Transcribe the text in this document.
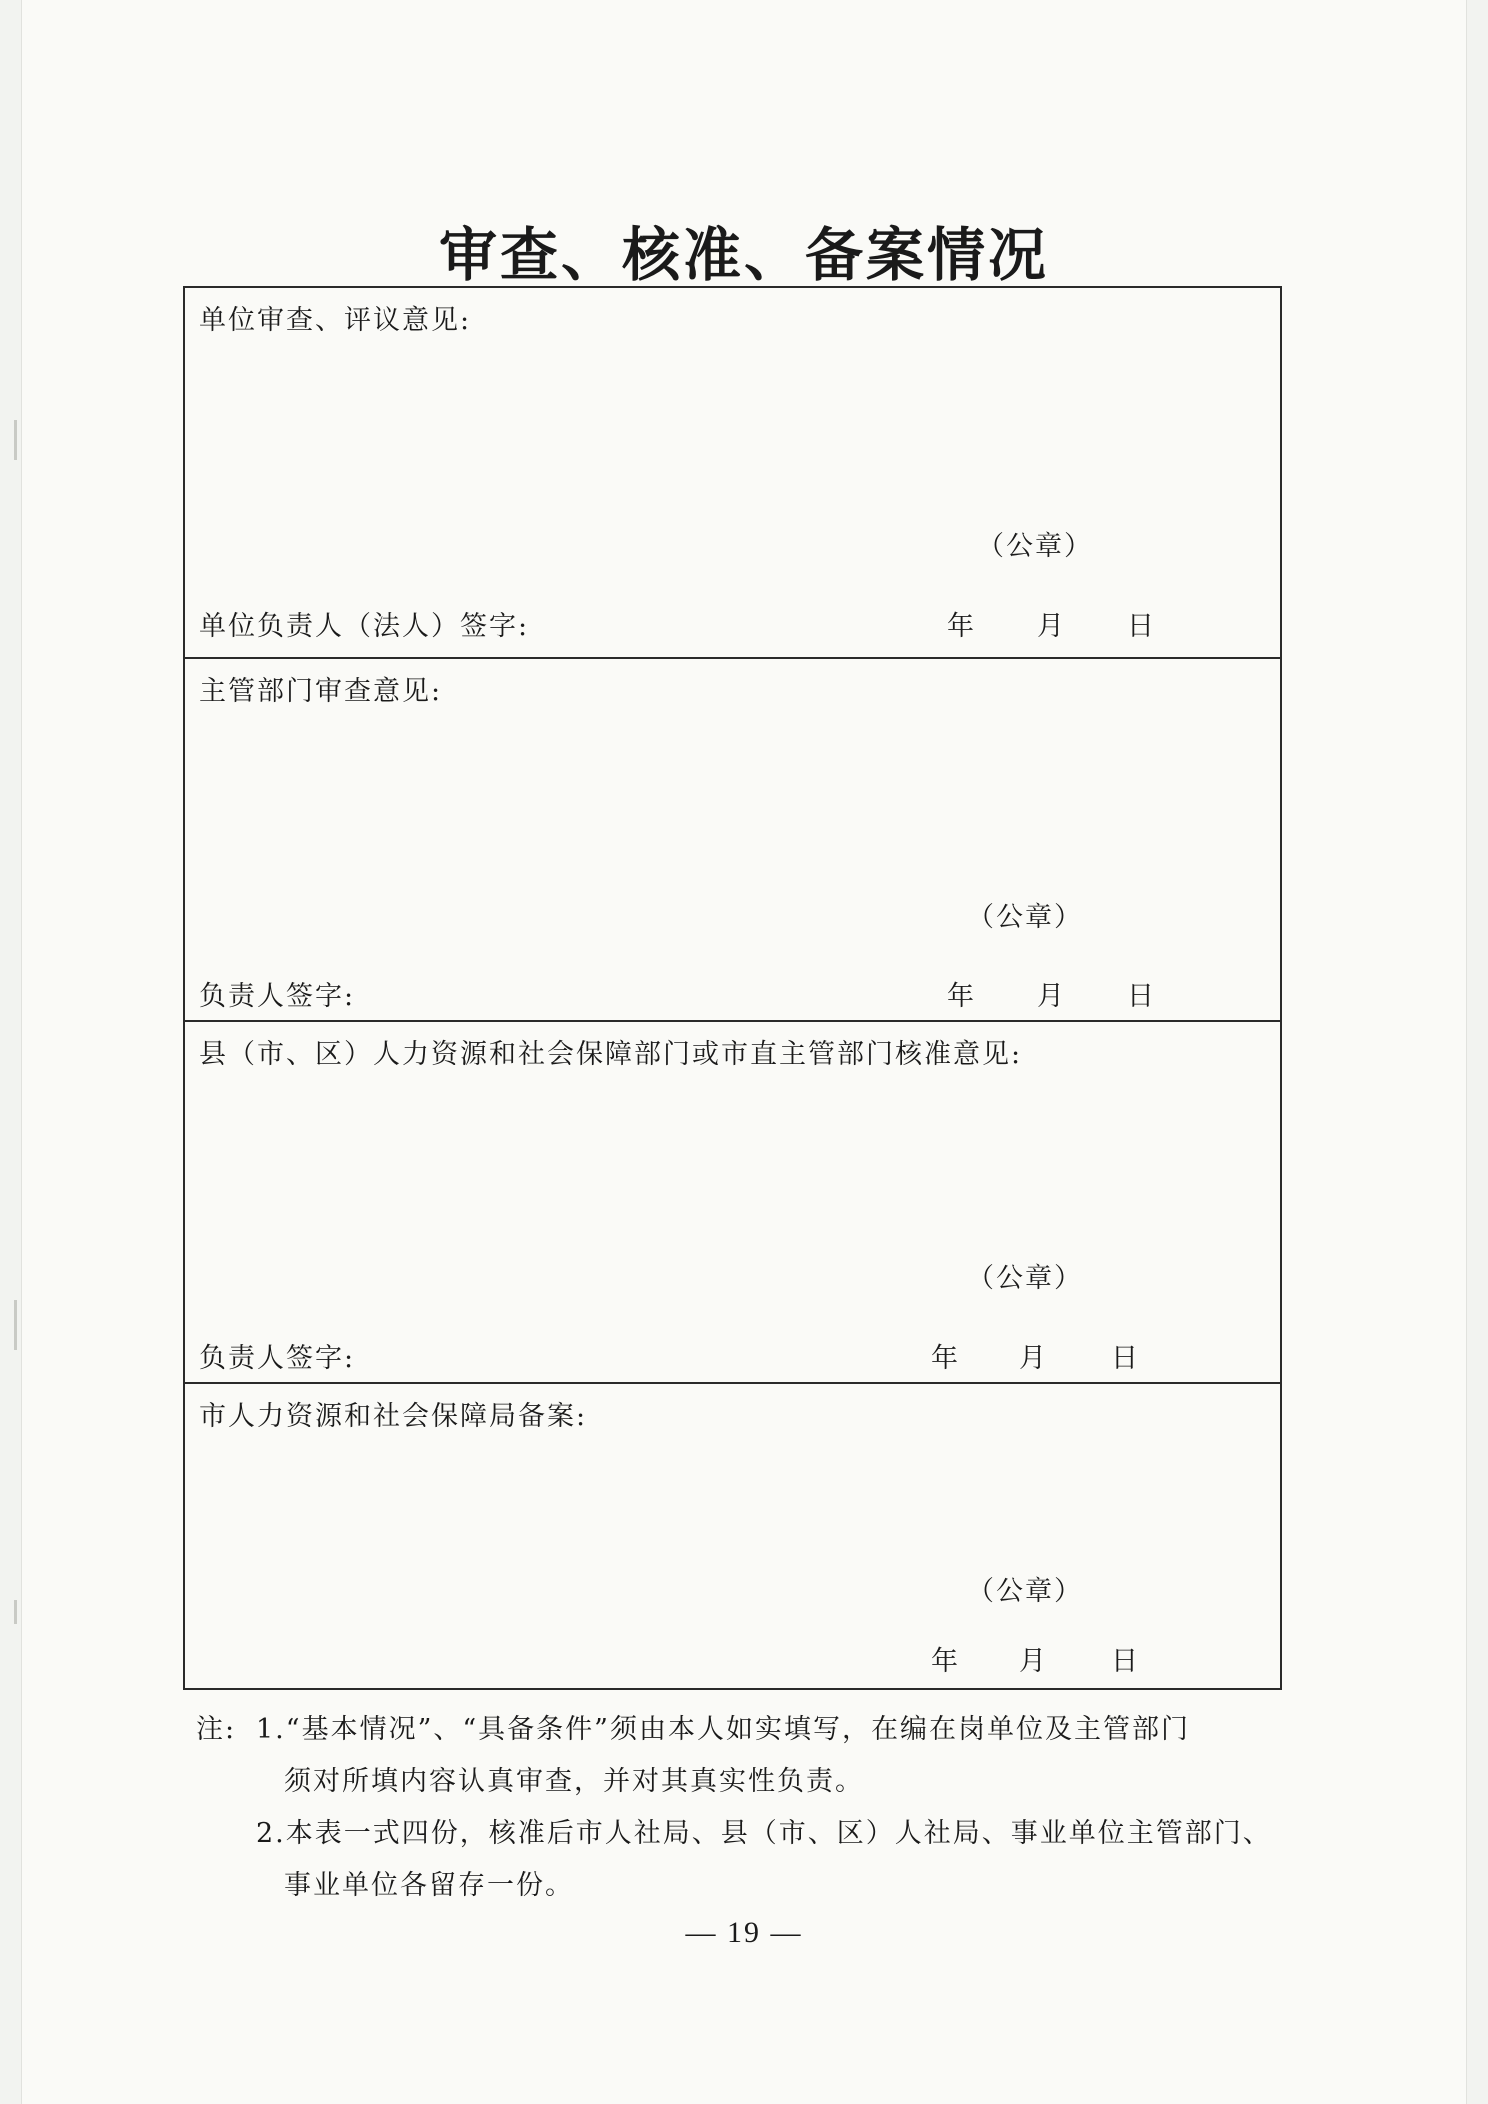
审查、核准、备案情况
单位审查、评议意见:
（公章）
单位负责人（法人）签字:	年 月 日
主管部门审查意见:
（公章）
负责人签字:	年 月 日
县（市、区）人力资源和社会保障部门或市直主管部门核准意见:
（公章）
负责人签字:	年 月 日
市人力资源和社会保障局备案:
（公章）
年 月 日
注: 1.“基本情况”、“具备条件”须由本人如实填写，在编在岗单位及主管部门
须对所填内容认真审查，并对其真实性负责。
2.本表一式四份，核准后市人社局、县（市、区）人社局、事业单位主管部门、
事业单位各留存一份。
— 19 —
